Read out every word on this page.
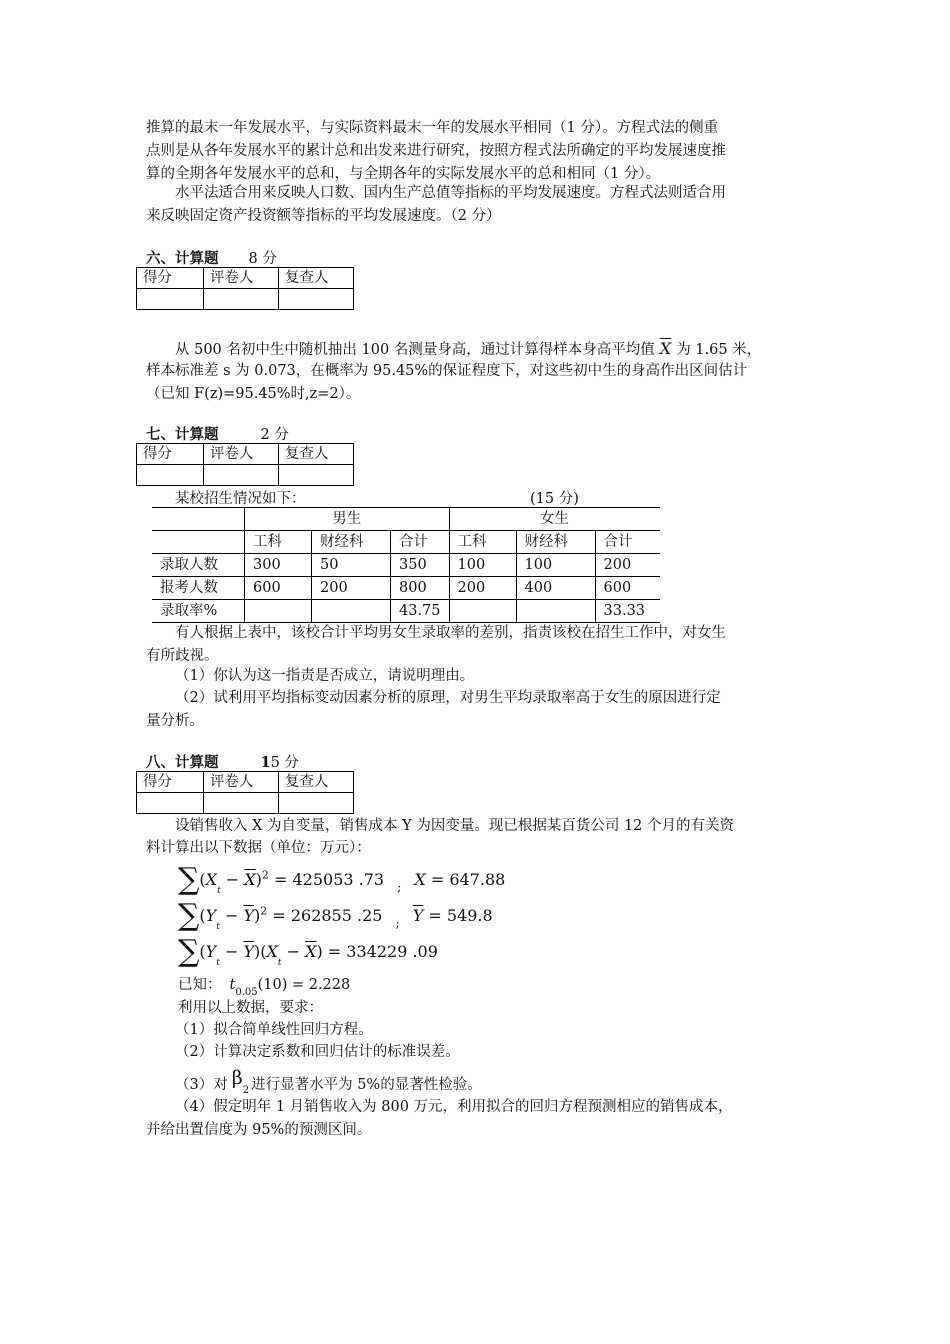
推算的最末一年发展水平，与实际资料最末一年的发展水平相同（1 分）。方程式法的侧重

点则是从各年发展水平的累计总和出发来进行研究，按照方程式法所确定的平均发展速度推

算的全期各年发展水平的总和，与全期各年的实际发展水平的总和相同（1 分）。

水平法适合用来反映人口数、国内生产总值等指标的平均发展速度。方程式法则适合用

来反映固定资产投资额等指标的平均发展速度。（2 分）

六、计算题 8 分
得分	评卷人	复查人

从 500 名初中生中随机抽出 100 名测量身高，通过计算得样本身高平均值 $\overline{X}$ 为 1.65 米，

样本标准差 s 为 0.073，在概率为 95.45%的保证程度下，对这些初中生的身高作出区间估计

（已知 F(z)=95.45%时,z=2）。

七、计算题	2 分
得分	评卷人	复查人

某校招生情况如下：	(15 分)
	男生			女生		
	工科	财经科	合计	工科	财经科	合计
录取人数	300	50	350	100	100	200
报考人数	600	200	800	200	400	600
录取率%			43.75			33.33

有人根据上表中，该校合计平均男女生录取率的差别，指责该校在招生工作中，对女生

有所歧视。

（1）你认为这一指责是否成立，请说明理由。

（2）试利用平均指标变动因素分析的原理，对男生平均录取率高于女生的原因进行定

量分析。

八、计算题	15 分
得分	评卷人	复查人

设销售收入 X 为自变量，销售成本 Y 为因变量。现已根据某百货公司 12 个月的有关资

料计算出以下数据（单位：万元）：

$\sum(X_t - \overline{X})^2 = 425053$ .73 $_;$ X = 647.88
$\sum(Y_t - \overline{Y})^2 = 262855$ .25 $_;$ $\overline{Y} = 549.8$
$\sum(Y_t - \overline{Y})(X_t - \overline{X}) = 334229$ .09
已知： $t_{0.05}(10) = 2.228$

利用以上数据，要求：

（1）拟合简单线性回归方程。

（2）计算决定系数和回归估计的标准误差。

（3）对 $\beta_2$ 进行显著水平为 5%的显著性检验。

（4）假定明年 1 月销售收入为 800 万元，利用拟合的回归方程预测相应的销售成本，

并给出置信度为 95%的预测区间。
